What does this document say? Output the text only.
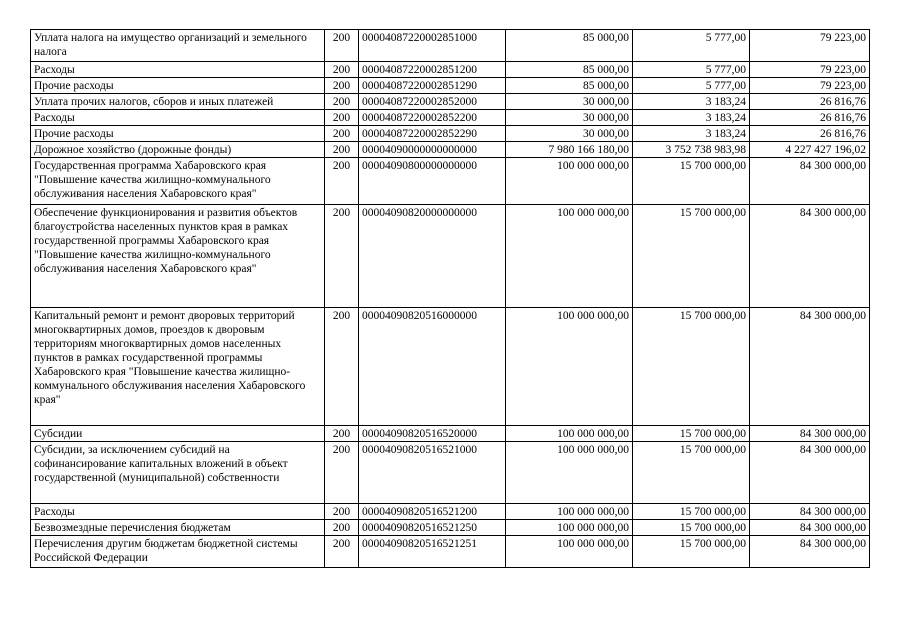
Уплата налога на имущество организаций и земельного налога	200	00004087220002851000	85 000,00	5 777,00	79 223,00
Расходы	200	00004087220002851200	85 000,00	5 777,00	79 223,00
Прочие расходы	200	00004087220002851290	85 000,00	5 777,00	79 223,00
Уплата прочих налогов, сборов и иных платежей	200	00004087220002852000	30 000,00	3 183,24	26 816,76
Расходы	200	00004087220002852200	30 000,00	3 183,24	26 816,76
Прочие расходы	200	00004087220002852290	30 000,00	3 183,24	26 816,76
Дорожное хозяйство (дорожные фонды)	200	00004090000000000000	7 980 166 180,00	3 752 738 983,98	4 227 427 196,02
Государственная программа Хабаровского края "Повышение качества жилищно-коммунального обслуживания населения Хабаровского края"	200	00004090800000000000	100 000 000,00	15 700 000,00	84 300 000,00
Обеспечение функционирования и развития объектов благоустройства населенных пунктов края в рамках государственной программы Хабаровского края "Повышение качества жилищно-коммунального обслуживания населения Хабаровского края"	200	00004090820000000000	100 000 000,00	15 700 000,00	84 300 000,00
Капитальный ремонт и ремонт дворовых территорий многоквартирных домов, проездов к дворовым территориям многоквартирных домов населенных пунктов в рамках государственной программы Хабаровского края "Повышение качества жилищно-коммунального обслуживания населения Хабаровского края"	200	00004090820516000000	100 000 000,00	15 700 000,00	84 300 000,00
Субсидии	200	00004090820516520000	100 000 000,00	15 700 000,00	84 300 000,00
Субсидии, за исключением субсидий на софинансирование капитальных вложений в объект государственной (муниципальной) собственности	200	00004090820516521000	100 000 000,00	15 700 000,00	84 300 000,00
Расходы	200	00004090820516521200	100 000 000,00	15 700 000,00	84 300 000,00
Безвозмездные перечисления бюджетам	200	00004090820516521250	100 000 000,00	15 700 000,00	84 300 000,00
Перечисления другим бюджетам бюджетной системы Российской Федерации	200	00004090820516521251	100 000 000,00	15 700 000,00	84 300 000,00
